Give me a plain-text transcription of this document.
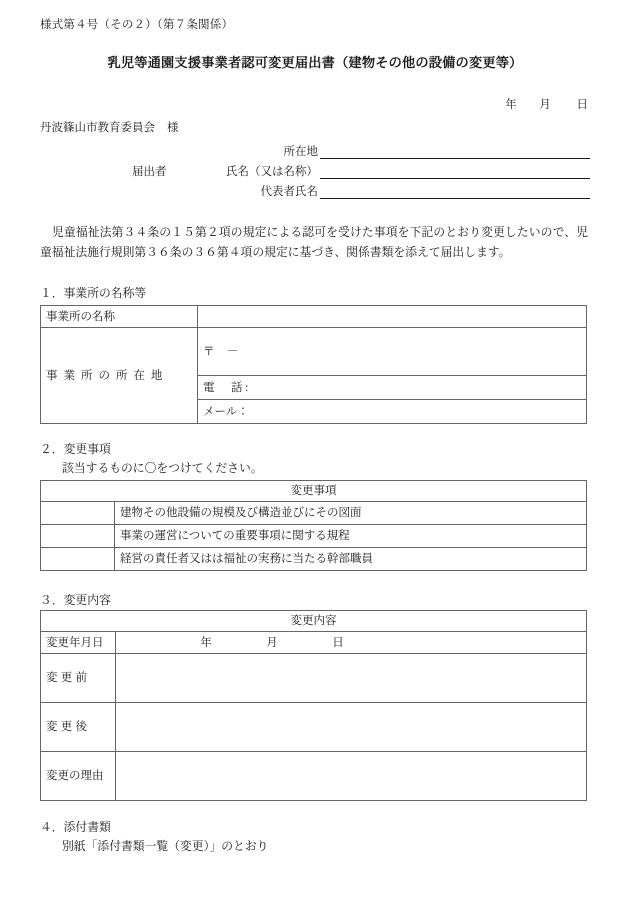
様式第４号（その２）（第７条関係）
乳児等通園支援事業者認可変更届出書（建物その他の設備の変更等）
年 月 日
丹波篠山市教育委員会 様
所在地
届出者	氏名（又は名称）
代表者氏名
児童福祉法第３４条の１５第２項の規定による認可を受けた事項を下記のとおり変更したいので、児童福祉法施行規則第３６条の３６第４項の規定に基づき、関係書類を添えて届出します。
１．事業所の名称等
事業所の名称	
事業所の所在地	〒 －
	電　話:
	メール：
２．変更事項
該当するものに〇をつけてください。
変更事項	
	建物その他設備の規模及び構造並びにその図面
	事業の運営についての重要事項に関する規程
	経営の責任者又はは福祉の実務に当たる幹部職員
３．変更内容
変更内容	
変更年月日	年 月 日
変更前	
変更後	
変更の理由	
４．添付書類
別紙「添付書類一覧（変更）」のとおり
